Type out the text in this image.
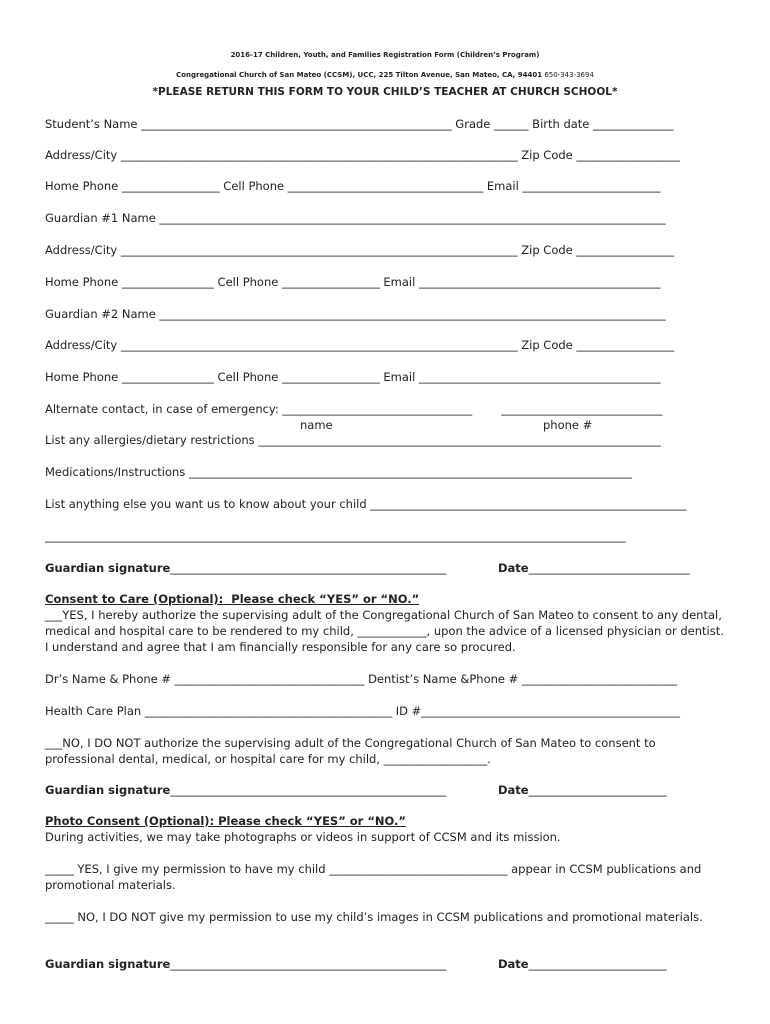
2016-17 Children, Youth, and Families Registration Form (Children’s Program)
Congregational Church of San Mateo (CCSM), UCC, 225 Tilton Avenue, San Mateo, CA, 94401 650-343-3694
*PLEASE RETURN THIS FORM TO YOUR CHILD’S TEACHER AT CHURCH SCHOOL*
Student’s Name ______________________________________________________ Grade ______ Birth date ______________
Address/City _____________________________________________________________________ Zip Code __________________
Home Phone _________________ Cell Phone __________________________________ Email ________________________
Guardian #1 Name ________________________________________________________________________________________
Address/City _____________________________________________________________________ Zip Code _________________
Home Phone ________________ Cell Phone _________________ Email __________________________________________
Guardian #2 Name ________________________________________________________________________________________
Address/City _____________________________________________________________________ Zip Code _________________
Home Phone ________________ Cell Phone _________________ Email __________________________________________
Alternate contact, in case of emergency: _________________________________        ____________________________
name	phone #
List any allergies/dietary restrictions ______________________________________________________________________
Medications/Instructions _____________________________________________________________________________
List anything else you want us to know about your child _______________________________________________________
_____________________________________________________________________________________________________
Guardian signature________________________________________________	Date____________________________
Consent to Care (Optional):  Please check “YES” or “NO.”
___YES, I hereby authorize the supervising adult of the Congregational Church of San Mateo to consent to any dental, medical and hospital care to be rendered to my child, ____________, upon the advice of a licensed physician or dentist. I understand and agree that I am financially responsible for any care so procured.
Dr’s Name & Phone # _________________________________ Dentist’s Name &Phone # ___________________________
Health Care Plan ___________________________________________ ID #_____________________________________________
___NO, I DO NOT authorize the supervising adult of the Congregational Church of San Mateo to consent to professional dental, medical, or hospital care for my child, __________________.
Guardian signature________________________________________________	Date________________________
Photo Consent (Optional): Please check “YES” or “NO.”
During activities, we may take photographs or videos in support of CCSM and its mission.
_____ YES, I give my permission to have my child _______________________________ appear in CCSM publications and promotional materials.
_____ NO, I DO NOT give my permission to use my child’s images in CCSM publications and promotional materials.
Guardian signature________________________________________________	Date________________________
